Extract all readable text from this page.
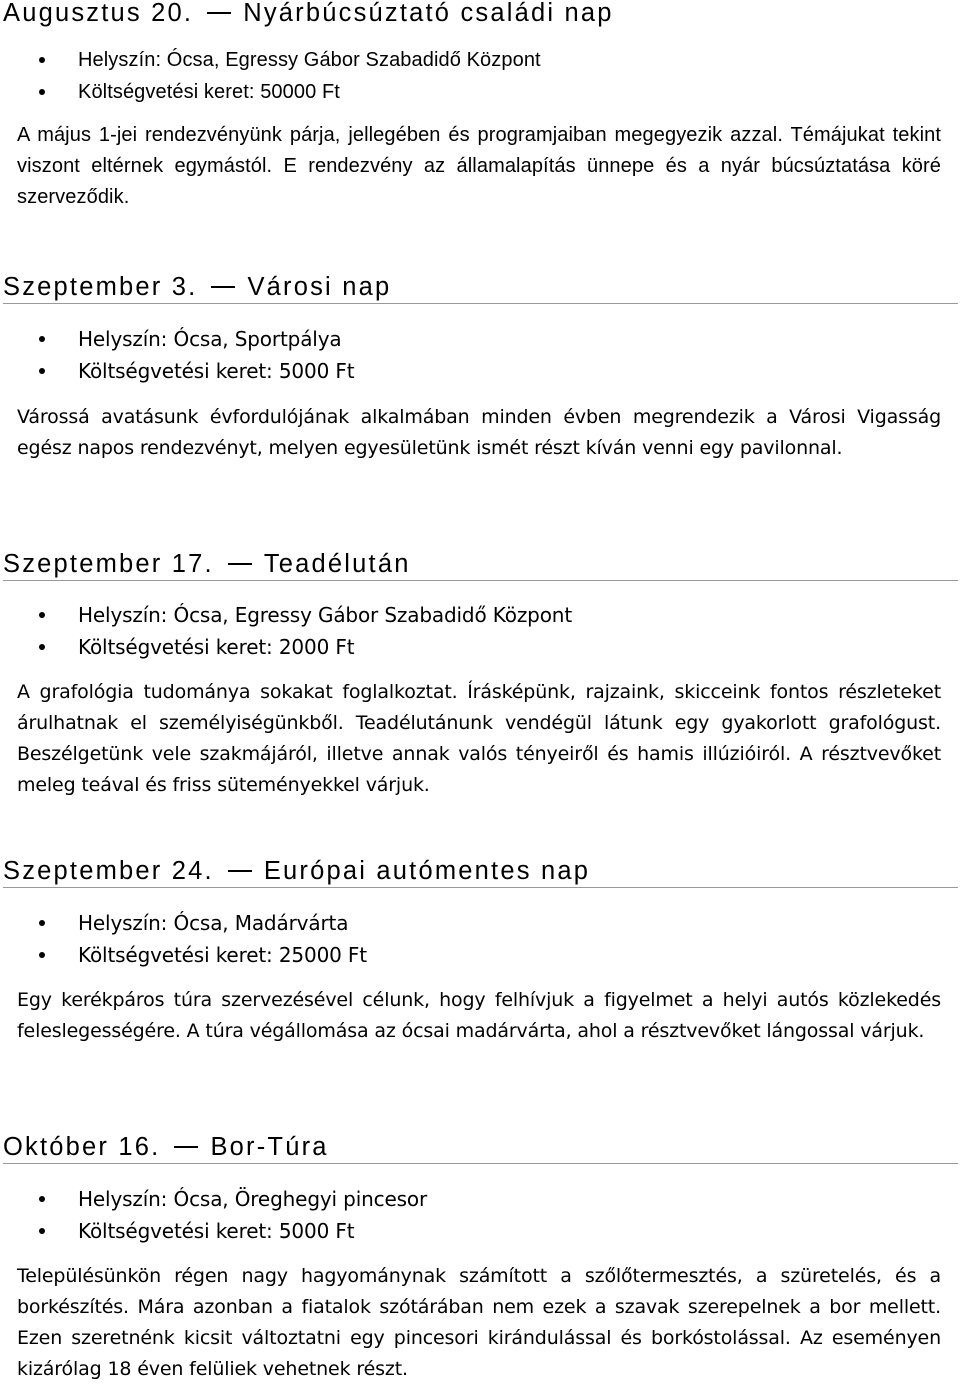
Augusztus 20. Nyárbúcsúztató családi nap
Helyszín: Ócsa, Egressy Gábor Szabadidő Központ
Költségvetési keret: 50000 Ft

A május 1-jei rendezvényünk párja, jellegében és programjaiban megegyezik azzal. Témájukat tekint viszont eltérnek egymástól. E rendezvény az államalapítás ünnepe és a nyár búcsúztatása köré szerveződik.

Szeptember 3. Városi nap
Helyszín: Ócsa, Sportpálya
Költségvetési keret: 5000 Ft

Várossá avatásunk évfordulójának alkalmában minden évben megrendezik a Városi Vigasság egész napos rendezvényt, melyen egyesületünk ismét részt kíván venni egy pavilonnal.

Szeptember 17. Teadélután
Helyszín: Ócsa, Egressy Gábor Szabadidő Központ
Költségvetési keret: 2000 Ft

A grafológia tudománya sokakat foglalkoztat. Írásképünk, rajzaink, skicceink fontos részleteket árulhatnak el személyiségünkből. Teadélutánunk vendégül látunk egy gyakorlott grafológust. Beszélgetünk vele szakmájáról, illetve annak valós tényeiről és hamis illúzióiról. A résztvevőket meleg teával és friss süteményekkel várjuk.

Szeptember 24. Európai autómentes nap
Helyszín: Ócsa, Madárvárta
Költségvetési keret: 25000 Ft

Egy kerékpáros túra szervezésével célunk, hogy felhívjuk a figyelmet a helyi autós közlekedés feleslegességére. A túra végállomása az ócsai madárvárta, ahol a résztvevőket lángossal várjuk.

Október 16. Bor-Túra
Helyszín: Ócsa, Öreghegyi pincesor
Költségvetési keret: 5000 Ft

Településünkön régen nagy hagyománynak számított a szőlőtermesztés, a szüretelés, és a borkészítés. Mára azonban a fiatalok szótárában nem ezek a szavak szerepelnek a bor mellett. Ezen szeretnénk kicsit változtatni egy pincesori kirándulással és borkóstolással. Az eseményen kizárólag 18 éven felüliek vehetnek részt.
